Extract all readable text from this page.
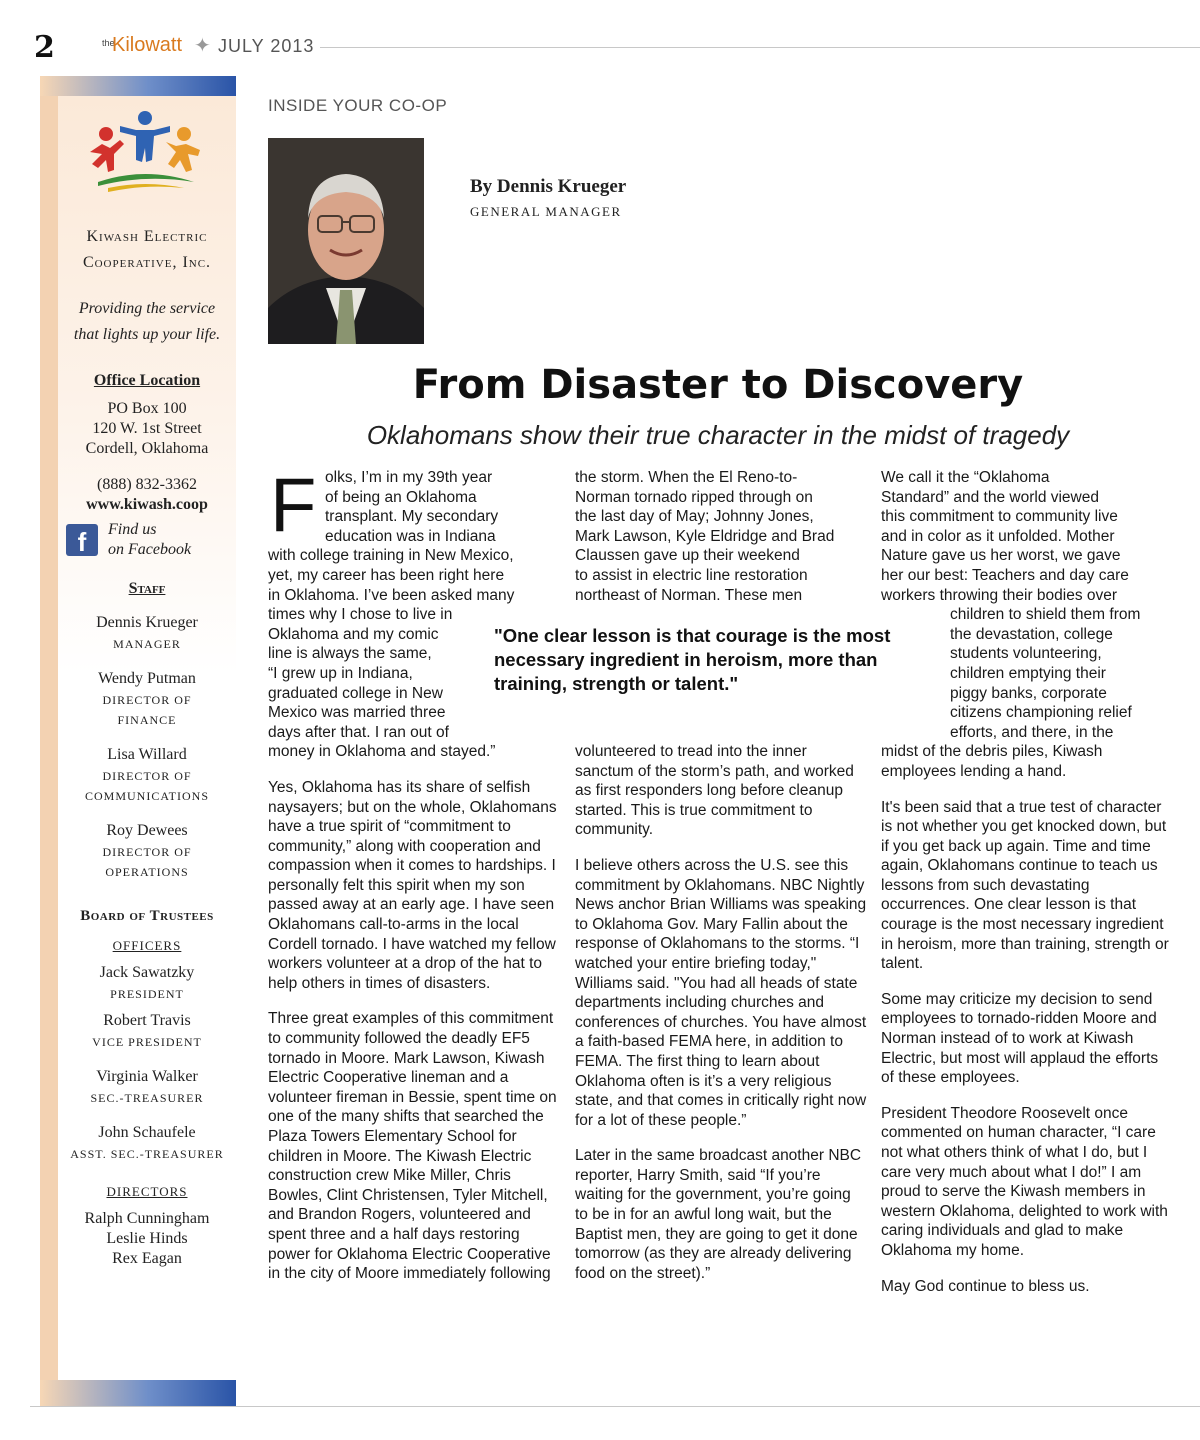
2	the
Kilowatt ✦ JULY 2013
Kiwash Electric
Cooperative, Inc.
Providing the service
that lights up your life.
Office Location
PO Box 100
120 W. 1st Street
Cordell, Oklahoma
(888) 832-3362
www.kiwash.coop
f	Find us
on Facebook
Staff
Dennis Krueger
MANAGER
Wendy Putman
DIRECTOR OF
FINANCE
Lisa Willard
DIRECTOR OF
COMMUNICATIONS
Roy Dewees
DIRECTOR OF
OPERATIONS
Board of Trustees
OFFICERS
Jack Sawatzky
PRESIDENT
Robert Travis
VICE PRESIDENT
Virginia Walker
SEC.-TREASURER
John Schaufele
ASST. SEC.-TREASURER
DIRECTORS
Ralph Cunningham
Leslie Hinds
Rex Eagan
INSIDE YOUR CO-OP
By Dennis Krueger
GENERAL MANAGER
From Disaster to Discovery
Oklahomans show their true character in the midst of tragedy
F olks, I’m in my 39th year
of being an Oklahoma
transplant. My secondary
education was in Indiana
with college training in New Mexico,
yet, my career has been right here
in Oklahoma. I’ve been asked many
times why I chose to live in
Oklahoma and my comic
line is always the same,
“I grew up in Indiana,
graduated college in New
Mexico was married three
days after that. I ran out of
money in Oklahoma and stayed.”

Yes, Oklahoma has its share of selfish naysayers; but on the whole, Oklahomans have a true spirit of “commitment to community,” along with cooperation and compassion when it comes to hardships. I personally felt this spirit when my son passed away at an early age. I have seen Oklahomans call-to-arms in the local Cordell tornado. I have watched my fellow workers volunteer at a drop of the hat to help others in times of disasters.

Three great examples of this commitment to community followed the deadly EF5 tornado in Moore. Mark Lawson, Kiwash Electric Cooperative lineman and a volunteer fireman in Bessie, spent time on one of the many shifts that searched the Plaza Towers Elementary School for children in Moore. The Kiwash Electric construction crew Mike Miller, Chris Bowles, Clint Christensen, Tyler Mitchell, and Brandon Rogers, volunteered and spent three and a half days restoring power for Oklahoma Electric Cooperative in the city of Moore immediately following

the storm. When the El Reno-to-
Norman tornado ripped through on
the last day of May; Johnny Jones,
Mark Lawson, Kyle Eldridge and Brad
Claussen gave up their weekend
to assist in electric line restoration
northeast of Norman. These men

volunteered to tread into the inner sanctum of the storm’s path, and worked as first responders long before cleanup started. This is true commitment to community.

I believe others across the U.S. see this commitment by Oklahomans. NBC Nightly News anchor Brian Williams was speaking to Oklahoma Gov. Mary Fallin about the response of Oklahomans to the storms. “I watched your entire briefing today," Williams said. "You had all heads of state departments including churches and conferences of churches. You have almost a faith-based FEMA here, in addition to FEMA. The first thing to learn about Oklahoma often is it’s a very religious state, and that comes in critically right now for a lot of these people.”

Later in the same broadcast another NBC reporter, Harry Smith, said “If you’re waiting for the government, you’re going to be in for an awful long wait, but the Baptist men, they are going to get it done tomorrow (as they are already delivering food on the street).”

We call it the “Oklahoma
Standard” and the world viewed
this commitment to community live
and in color as it unfolded. Mother
Nature gave us her worst, we gave
her our best: Teachers and day care
workers throwing their bodies over
children to shield them from
the devastation, college
students volunteering,
children emptying their
piggy banks, corporate
citizens championing relief
efforts, and there, in the
midst of the debris piles, Kiwash
employees lending a hand.

It's been said that a true test of character is not whether you get knocked down, but if you get back up again. Time and time again, Oklahomans continue to teach us lessons from such devastating occurrences. One clear lesson is that courage is the most necessary ingredient in heroism, more than training, strength or talent.

Some may criticize my decision to send employees to tornado-ridden Moore and Norman instead of to work at Kiwash Electric, but most will applaud the efforts of these employees.

President Theodore Roosevelt once commented on human character, “I care not what others think of what I do, but I care very much about what I do!” I am proud to serve the Kiwash members in western Oklahoma, delighted to work with caring individuals and glad to make Oklahoma my home.

May God continue to bless us.

"One clear lesson is that courage is the most necessary ingredient in heroism, more than training, strength or talent."
